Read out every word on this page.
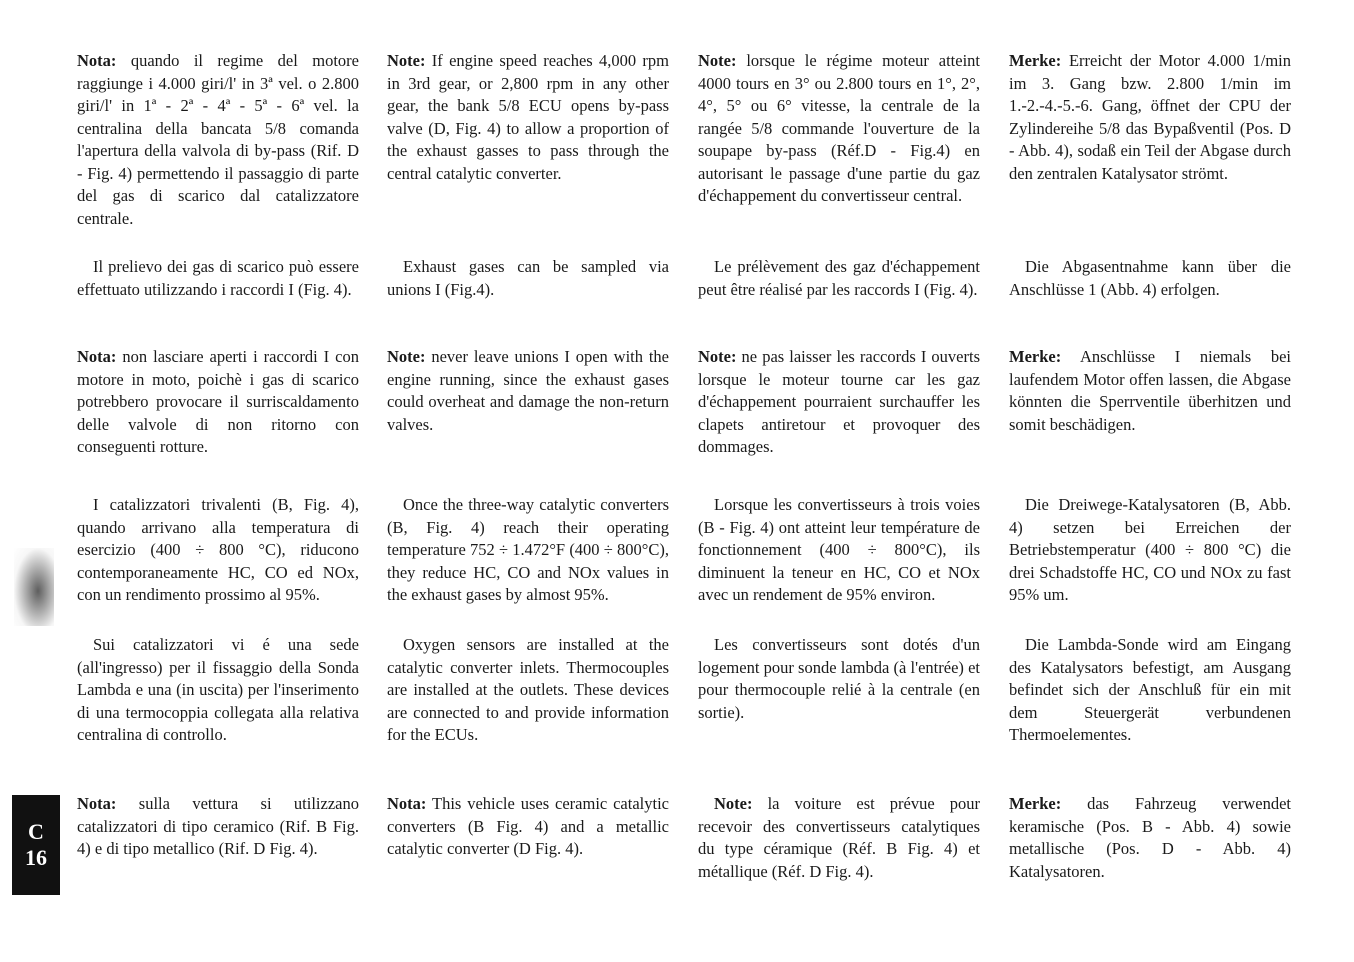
C
16

Nota: quando il regime del motore raggiunge i 4.000 giri/l' in 3ª vel. o 2.800 giri/l' in 1ª - 2ª - 4ª - 5ª - 6ª vel. la centralina della bancata 5/8 comanda l'apertura della valvola di by-pass (Rif. D - Fig. 4) permettendo il passaggio di parte del gas di scarico dal catalizzatore centrale.

Il prelievo dei gas di scarico può essere effettuato utilizzando i raccordi I (Fig. 4).

Nota: non lasciare aperti i raccordi I con motore in moto, poichè i gas di scarico potrebbero provocare il surriscaldamento delle valvole di non ritorno con conseguenti rotture.

I catalizzatori trivalenti (B, Fig. 4), quando arrivano alla temperatura di esercizio (400 ÷ 800 °C), riducono contemporaneamente HC, CO ed NOx, con un rendimento prossimo al 95%.

Sui catalizzatori vi é una sede (all'ingresso) per il fissaggio della Sonda Lambda e una (in uscita) per l'inserimento di una termocoppia collegata alla relativa centralina di controllo.

Nota: sulla vettura si utilizzano catalizzatori di tipo ceramico (Rif. B Fig. 4) e di tipo metallico (Rif. D Fig. 4).

Note: If engine speed reaches 4,000 rpm in 3rd gear, or 2,800 rpm in any other gear, the bank 5/8 ECU opens by-pass valve (D, Fig. 4) to allow a proportion of the exhaust gasses to pass through the central catalytic converter.

Exhaust gases can be sampled via unions I (Fig.4).

Note: never leave unions I open with the engine running, since the exhaust gases could overheat and damage the non-return valves.

Once the three-way catalytic converters (B, Fig. 4) reach their operating temperature 752 ÷ 1.472°F (400 ÷ 800°C), they reduce HC, CO and NOx values in the exhaust gases by almost 95%.

Oxygen sensors are installed at the catalytic converter inlets. Thermocouples are installed at the outlets. These devices are connected to and provide information for the ECUs.

Nota: This vehicle uses ceramic catalytic converters (B Fig. 4) and a metallic catalytic converter (D Fig. 4).

Note: lorsque le régime moteur atteint 4000 tours en 3° ou 2.800 tours en 1°, 2°, 4°, 5° ou 6° vitesse, la centrale de la rangée 5/8 commande l'ouverture de la soupape by-pass (Réf.D - Fig.4) en autorisant le passage d'une partie du gaz d'échappement du convertisseur central.

Le prélèvement des gaz d'échappement peut être réalisé par les raccords I (Fig. 4).

Note: ne pas laisser les raccords I ouverts lorsque le moteur tourne car les gaz d'échappement pourraient surchauffer les clapets antiretour et provoquer des dommages.

Lorsque les convertisseurs à trois voies (B - Fig. 4) ont atteint leur température de fonctionnement (400 ÷ 800°C), ils diminuent la teneur en HC, CO et NOx avec un rendement de 95% environ.

Les convertisseurs sont dotés d'un logement pour sonde lambda (à l'entrée) et pour thermocouple relié à la centrale (en sortie).

Note: la voiture est prévue pour recevoir des convertisseurs catalytiques du type céramique (Réf. B Fig. 4) et métallique (Réf. D Fig. 4).

Merke: Erreicht der Motor 4.000 1/min im 3. Gang bzw. 2.800 1/min im 1.-2.-4.-5.-6. Gang, öffnet der CPU der Zylindereihe 5/8 das Bypaßventil (Pos. D - Abb. 4), sodaß ein Teil der Abgase durch den zentralen Katalysator strömt.

Die Abgasentnahme kann über die Anschlüsse 1 (Abb. 4) erfolgen.

Merke: Anschlüsse I niemals bei laufendem Motor offen lassen, die Abgase könnten die Sperrventile überhitzen und somit beschädigen.

Die Dreiwege-Katalysatoren (B, Abb. 4) setzen bei Erreichen der Betriebstemperatur (400 ÷ 800 °C) die drei Schadstoffe HC, CO und NOx zu fast 95% um.

Die Lambda-Sonde wird am Eingang des Katalysators befestigt, am Ausgang befindet sich der Anschluß für ein mit dem Steuergerät verbundenen Thermoelementes.

Merke: das Fahrzeug verwendet keramische (Pos. B - Abb. 4) sowie metallische (Pos. D - Abb. 4) Katalysatoren.
